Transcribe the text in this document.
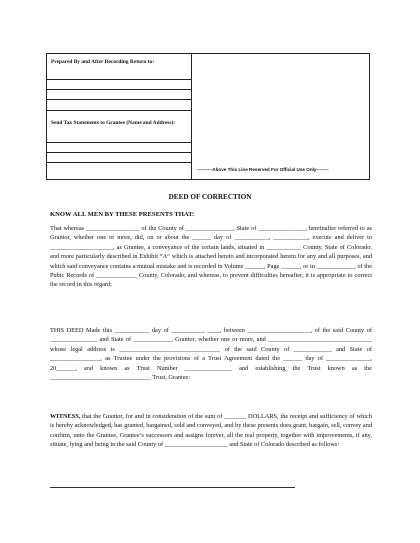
Prepared By and After Recording Return to:
Send Tax Statements to Grantee (Name and Address):
----------Above This Line Reserved For Official Use Only--------
DEED OF CORRECTION
KNOW ALL MEN BY THESE PRESENTS THAT:
That whereas _________________ of the County of _______________, State of _______________, hereinafter referred to as Grantor, whether one or more, did, on or about the ______ day of ___________, ___________, execute and deliver to ____________________, as Grantee, a conveyance of the certain lands, situated in ___________ County, State of Colorado, and more particularly described in Exhibit “A” which is attached hereto and incorporated herein for any and all purposes, and which said conveyance contains a mutual mistake and is recorded in Volume ______, Page ______, or in ____________, of the Pubic Records of _____________ County, Colorado; and whereas, to prevent difficulties hereafter, it is appropriate to correct the record in this regard;
THIS DEED Made this ___________ day of __________, ____, between ____________________, of the said County of _______________ and State of ____________, Grantor, whether one or more, and _________________________________ whose legal address is ________________________________ of the said County of ____________ and State of ________________, as Trustee under the provisions of a Trust Agreement dated the ______ day of ______________, 20______, and known as Trust Number _______________ and establishing the Trust known as the ________________________________ Trust, Grantee:
WITNESS, that the Grantor, for and in consideration of the sum of _______ DOLLARS, the receipt and sufficiency of which is hereby acknowledged, has granted, bargained, sold and conveyed, and by these presents does grant, bargain, sell, convey and confirm, unto the Grantee, Grantee’s successors and assigns forever, all the real property, together with improvements, if any, situate, lying and being in the said County of ____________________ and State of Colorado described as follows:
